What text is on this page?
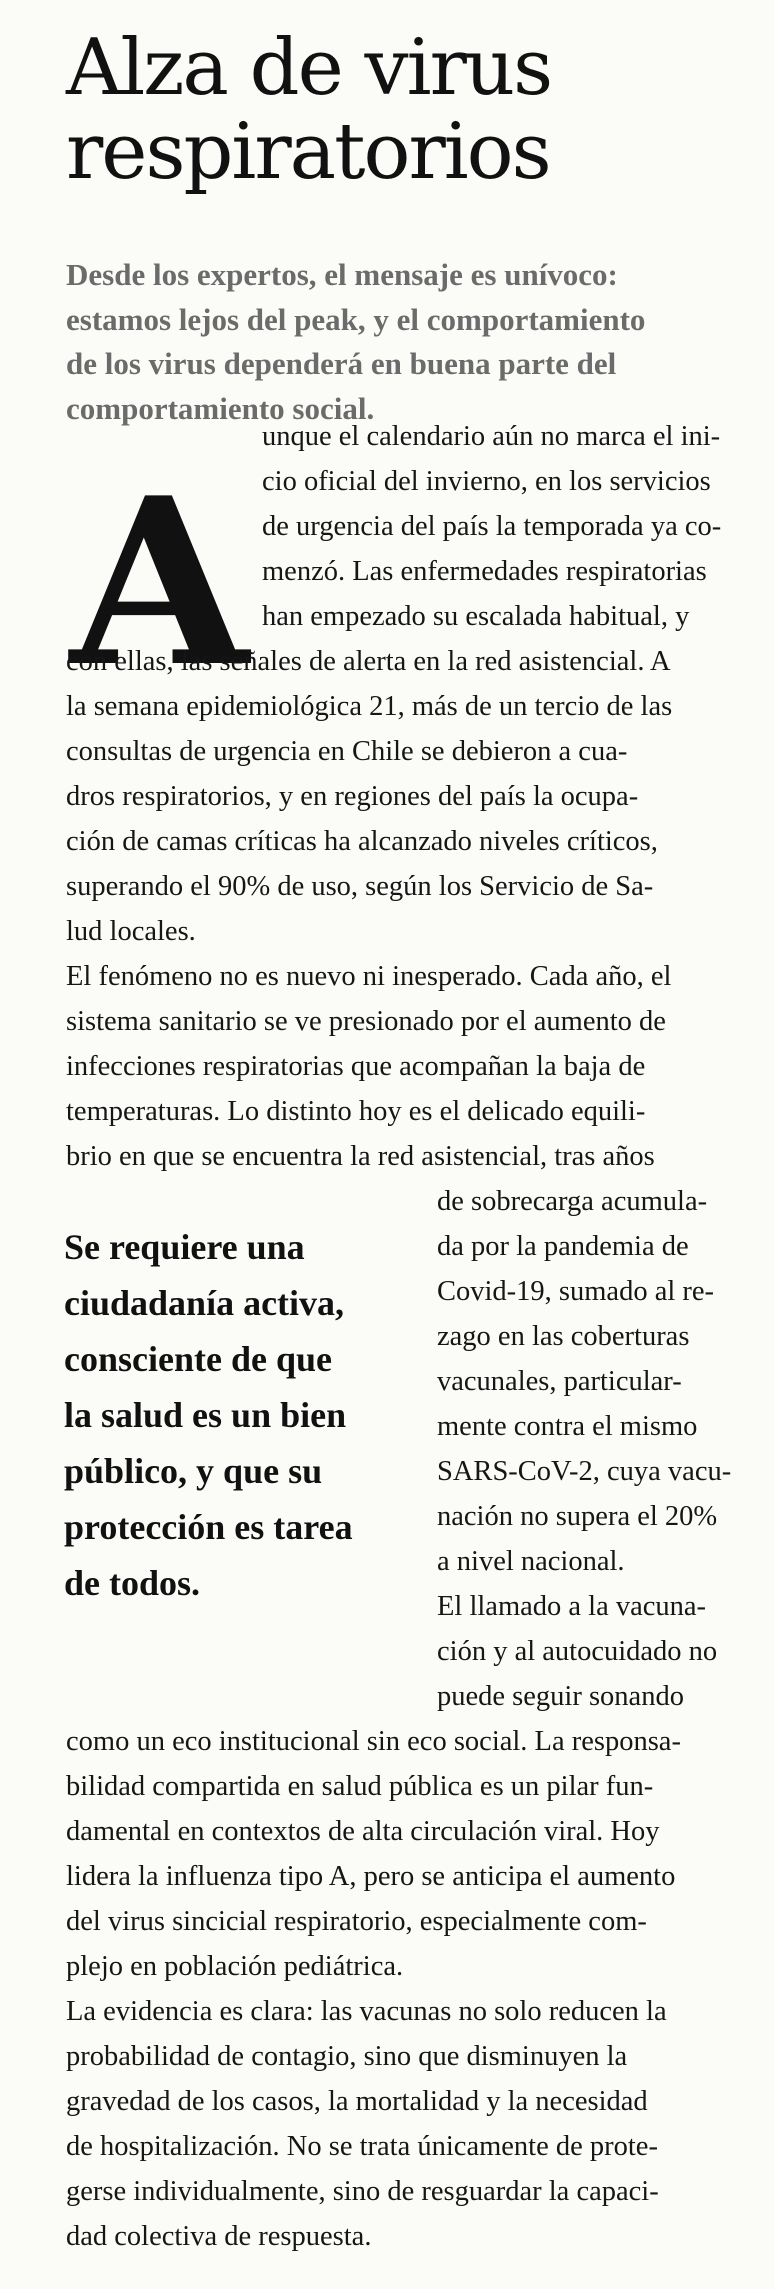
Alza de virus
respiratorios
Desde los expertos, el mensaje es unívoco:
estamos lejos del peak, y el comportamiento
de los virus dependerá en buena parte del
comportamiento social.
A
unque el calendario aún no marca el ini-
cio oficial del invierno, en los servicios
de urgencia del país la temporada ya co-
menzó. Las enfermedades respiratorias
han empezado su escalada habitual, y
con ellas, las señales de alerta en la red asistencial. A
la semana epidemiológica 21, más de un tercio de las
consultas de urgencia en Chile se debieron a cua-
dros respiratorios, y en regiones del país la ocupa-
ción de camas críticas ha alcanzado niveles críticos,
superando el 90% de uso, según los Servicio de Sa-
lud locales.
El fenómeno no es nuevo ni inesperado. Cada año, el
sistema sanitario se ve presionado por el aumento de
infecciones respiratorias que acompañan la baja de
temperaturas. Lo distinto hoy es el delicado equili-
brio en que se encuentra la red asistencial, tras años
de sobrecarga acumula-
da por la pandemia de
Covid-19, sumado al re-
zago en las coberturas
vacunales, particular-
mente contra el mismo
SARS-CoV-2, cuya vacu-
nación no supera el 20%
a nivel nacional.
El llamado a la vacuna-
ción y al autocuidado no
puede seguir sonando
como un eco institucional sin eco social. La responsa-
bilidad compartida en salud pública es un pilar fun-
damental en contextos de alta circulación viral. Hoy
lidera la influenza tipo A, pero se anticipa el aumento
del virus sincicial respiratorio, especialmente com-
plejo en población pediátrica.
La evidencia es clara: las vacunas no solo reducen la
probabilidad de contagio, sino que disminuyen la
gravedad de los casos, la mortalidad y la necesidad
de hospitalización. No se trata únicamente de prote-
gerse individualmente, sino de resguardar la capaci-
dad colectiva de respuesta.
Se requiere una
ciudadanía activa,
consciente de que
la salud es un bien
público, y que su
protección es tarea
de todos.
